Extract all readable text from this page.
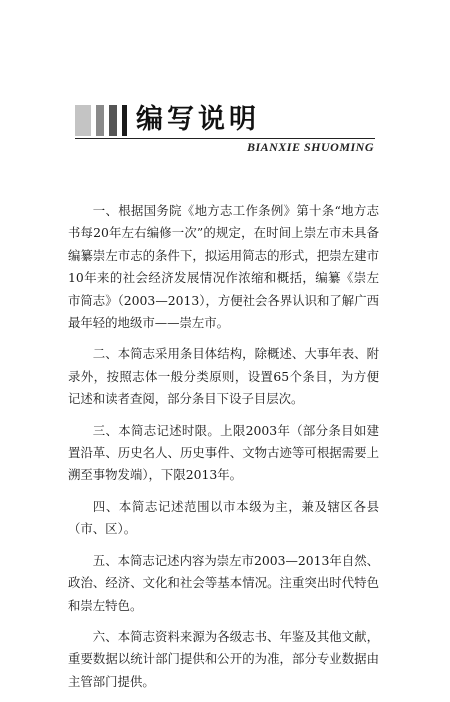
编写说明
BIANXIE SHUOMING

一、根据国务院《地方志工作条例》第十条“地方志书每20年左右编修一次”的规定，在时间上崇左市未具备编纂崇左市志的条件下，拟运用简志的形式，把崇左建市10年来的社会经济发展情况作浓缩和概括，编纂《崇左市简志》（2003—2013），方便社会各界认识和了解广西最年轻的地级市——崇左市。

二、本简志采用条目体结构，除概述、大事年表、附录外，按照志体一般分类原则，设置65个条目，为方便记述和读者查阅，部分条目下设子目层次。

三、本简志记述时限。上限2003年（部分条目如建置沿革、历史名人、历史事件、文物古迹等可根据需要上溯至事物发端），下限2013年。

四、本简志记述范围以市本级为主，兼及辖区各县（市、区）。

五、本简志记述内容为崇左市2003—2013年自然、政治、经济、文化和社会等基本情况。注重突出时代特色和崇左特色。

六、本简志资料来源为各级志书、年鉴及其他文献，重要数据以统计部门提供和公开的为准，部分专业数据由主管部门提供。
